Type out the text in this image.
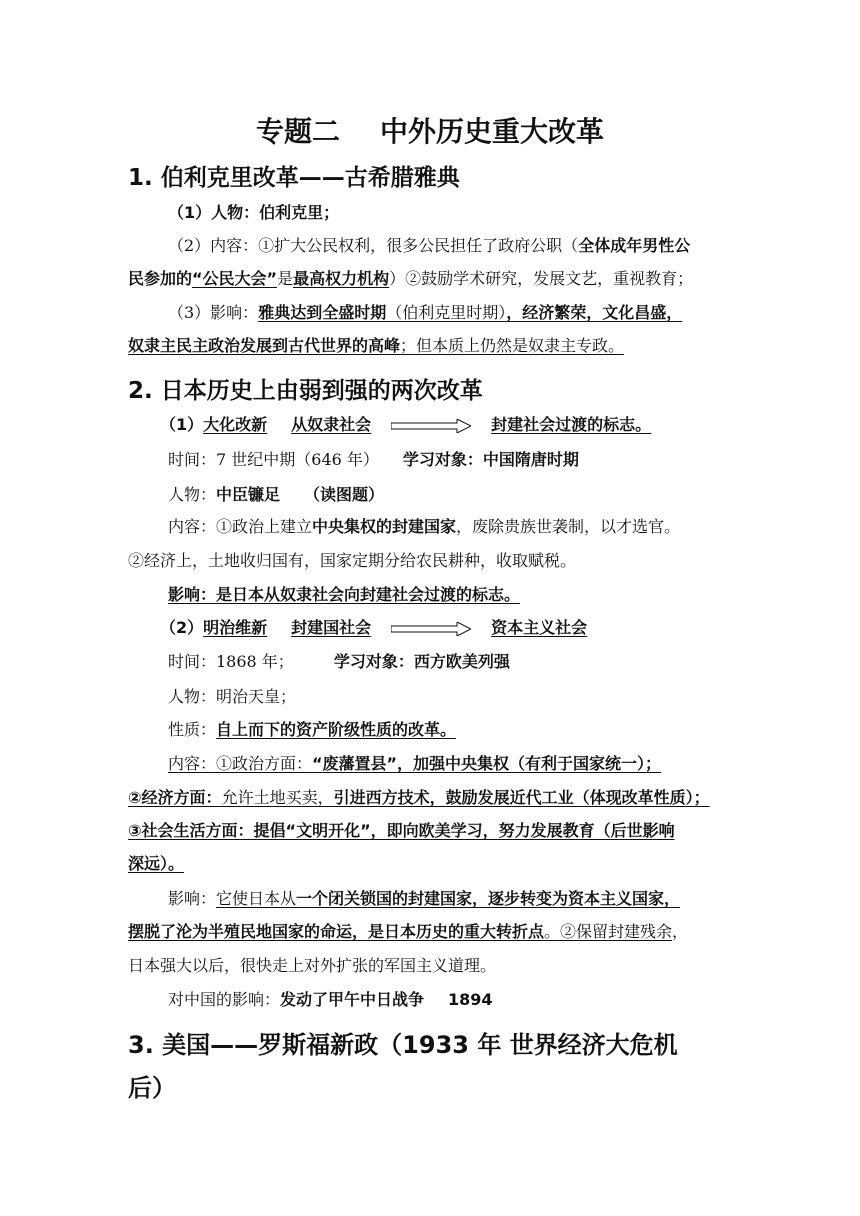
专题二 中外历史重大改革
1. 伯利克里改革——古希腊雅典
（1）人物：伯利克里；
（2）内容：①扩大公民权利，很多公民担任了政府公职（全体成年男性公
民参加的“公民大会”是最高权力机构）②鼓励学术研究，发展文艺，重视教育；
（3）影响：雅典达到全盛时期（伯利克里时期），经济繁荣，文化昌盛，
奴隶主民主政治发展到古代世界的高峰；但本质上仍然是奴隶主专政。
2. 日本历史上由弱到强的两次改革
（1）大化改新 从奴隶社会	封建社会过渡的标志。
时间：7 世纪中期（646 年） 学习对象：中国隋唐时期
人物：中臣镰足 （读图题）
内容：①政治上建立中央集权的封建国家，废除贵族世袭制，以才选官。
②经济上，土地收归国有，国家定期分给农民耕种，收取赋税。
影响：是日本从奴隶社会向封建社会过渡的标志。
（2）明治维新 封建国社会	资本主义社会
时间：1868 年；	学习对象：西方欧美列强
人物：明治天皇；
性质：自上而下的资产阶级性质的改革。
内容：①政治方面：“废藩置县”，加强中央集权（有利于国家统一）；
②经济方面：允许土地买卖，引进西方技术，鼓励发展近代工业（体现改革性质）；
③社会生活方面：提倡“文明开化”，即向欧美学习，努力发展教育（后世影响
深远）。
影响：它使日本从一个闭关锁国的封建国家，逐步转变为资本主义国家，
摆脱了沦为半殖民地国家的命运，是日本历史的重大转折点。②保留封建残余，
日本强大以后，很快走上对外扩张的军国主义道理。
对中国的影响：发动了甲午中日战争 1894
3. 美国——罗斯福新政（1933 年 世界经济大危机
后）
